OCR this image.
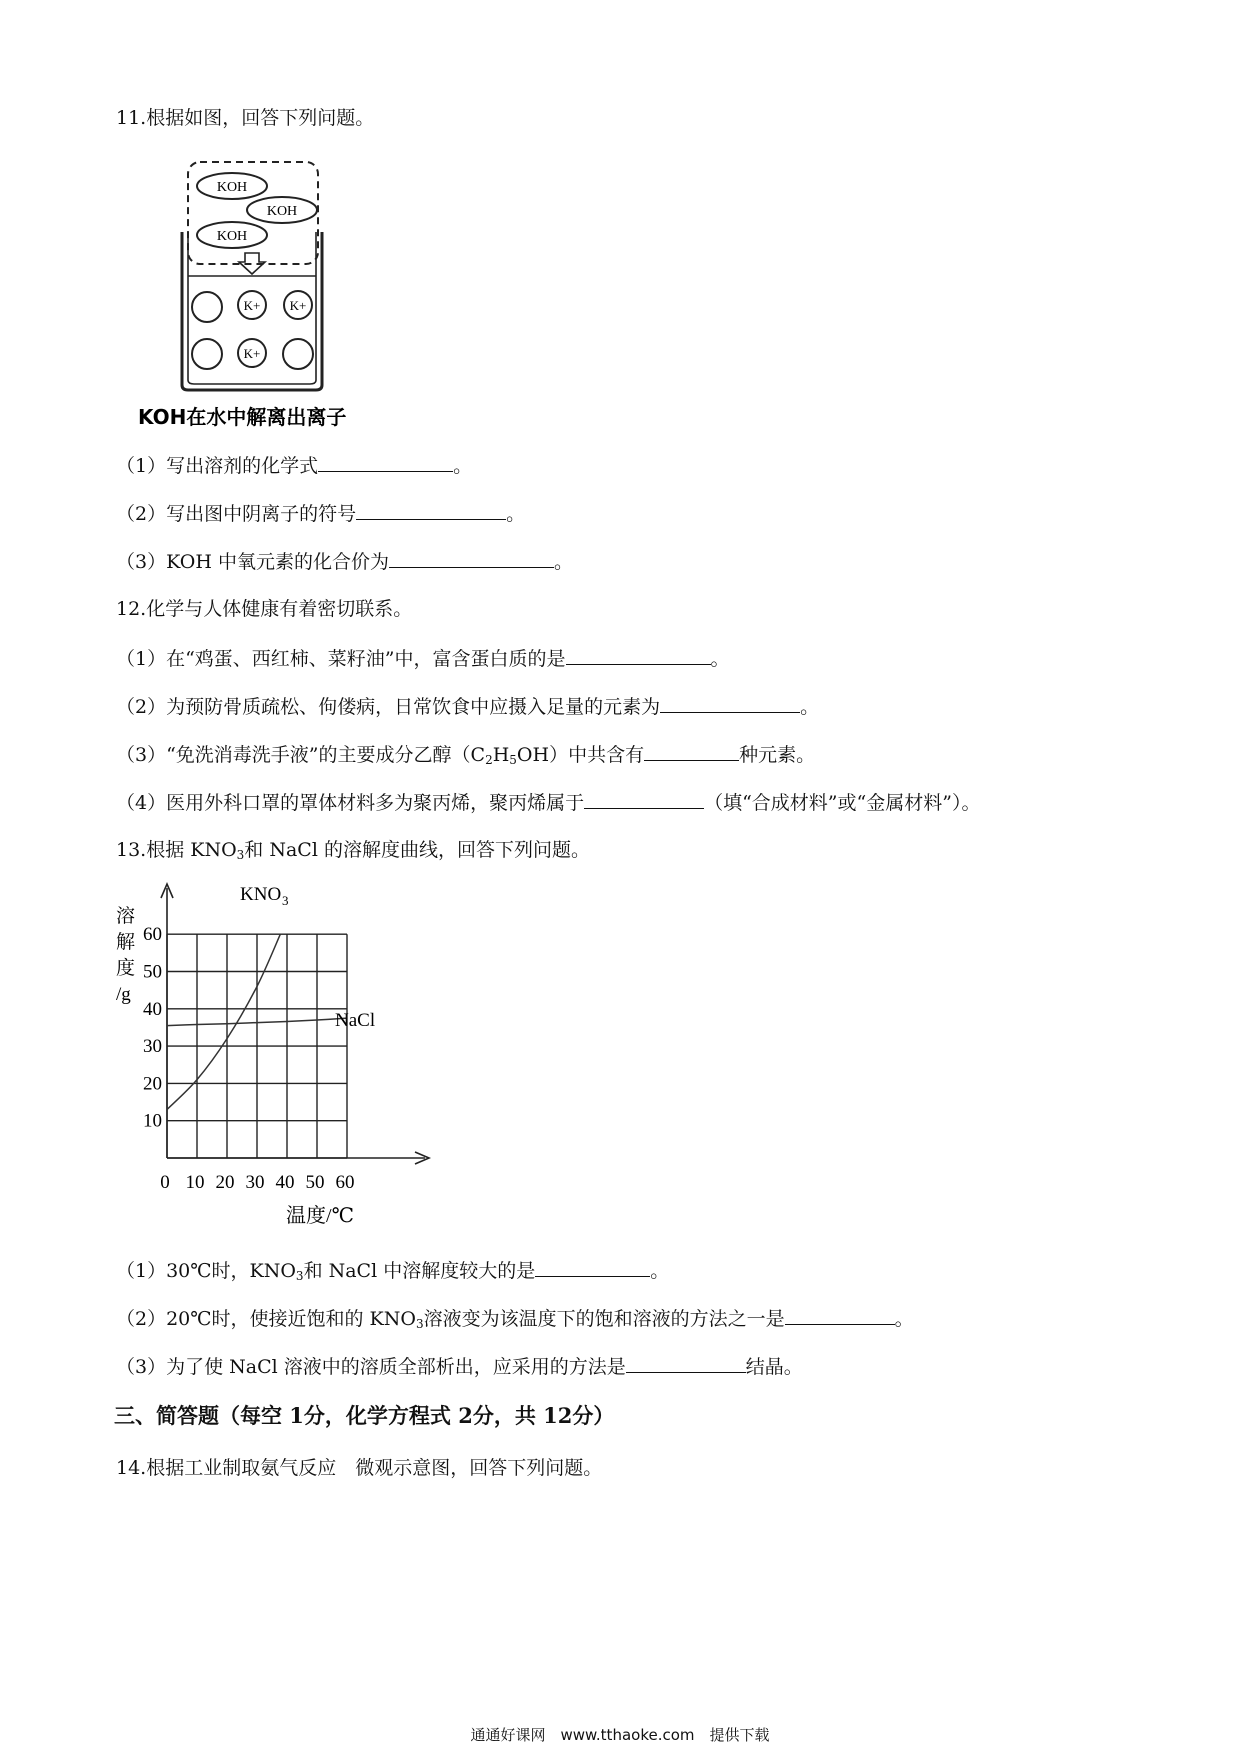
11.根据如图，回答下列问题。
KOH
KOH
KOH
K+ K+
K+
KOH在水中解离出离子
（1）写出溶剂的化学式	。
（2）写出图中阴离子的符号	。
（3）KOH 中氧元素的化合价为	。
12.化学与人体健康有着密切联系。
（1）在“鸡蛋、西红柿、菜籽油”中，富含蛋白质的是	。
（2）为预防骨质疏松、佝偻病，日常饮食中应摄入足量的元素为	。
（3）“免洗消毒洗手液”的主要成分乙醇$(C_2H_5OH)$中共含有	种元素。
（4）医用外科口罩的罩体材料多为聚丙烯，聚丙烯属于	（填“合成材料”或“金属材料”）。
13.根据 $KNO_3$和 NaCl 的溶解度曲线，回答下列问题。
10
20
30
40
50
60
0 10 20 30 40 50 60
溶
解
度
/g
温度/℃
KNO 3
NaCl
（1）30℃时，$KNO_3$和 NaCl 中溶解度较大的是	。
（2）20℃时，使接近饱和的 $KNO_3$溶液变为该温度下的饱和溶液的方法之一是	。
（3）为了使 NaCl 溶液中的溶质全部析出，应采用的方法是	结晶。
三、简答题（每空 1分，化学方程式 2分，共 12分）
14.根据工业制取氨气反应　微观示意图，回答下列问题。
通通好课网　www.tthaoke.com　提供下载
